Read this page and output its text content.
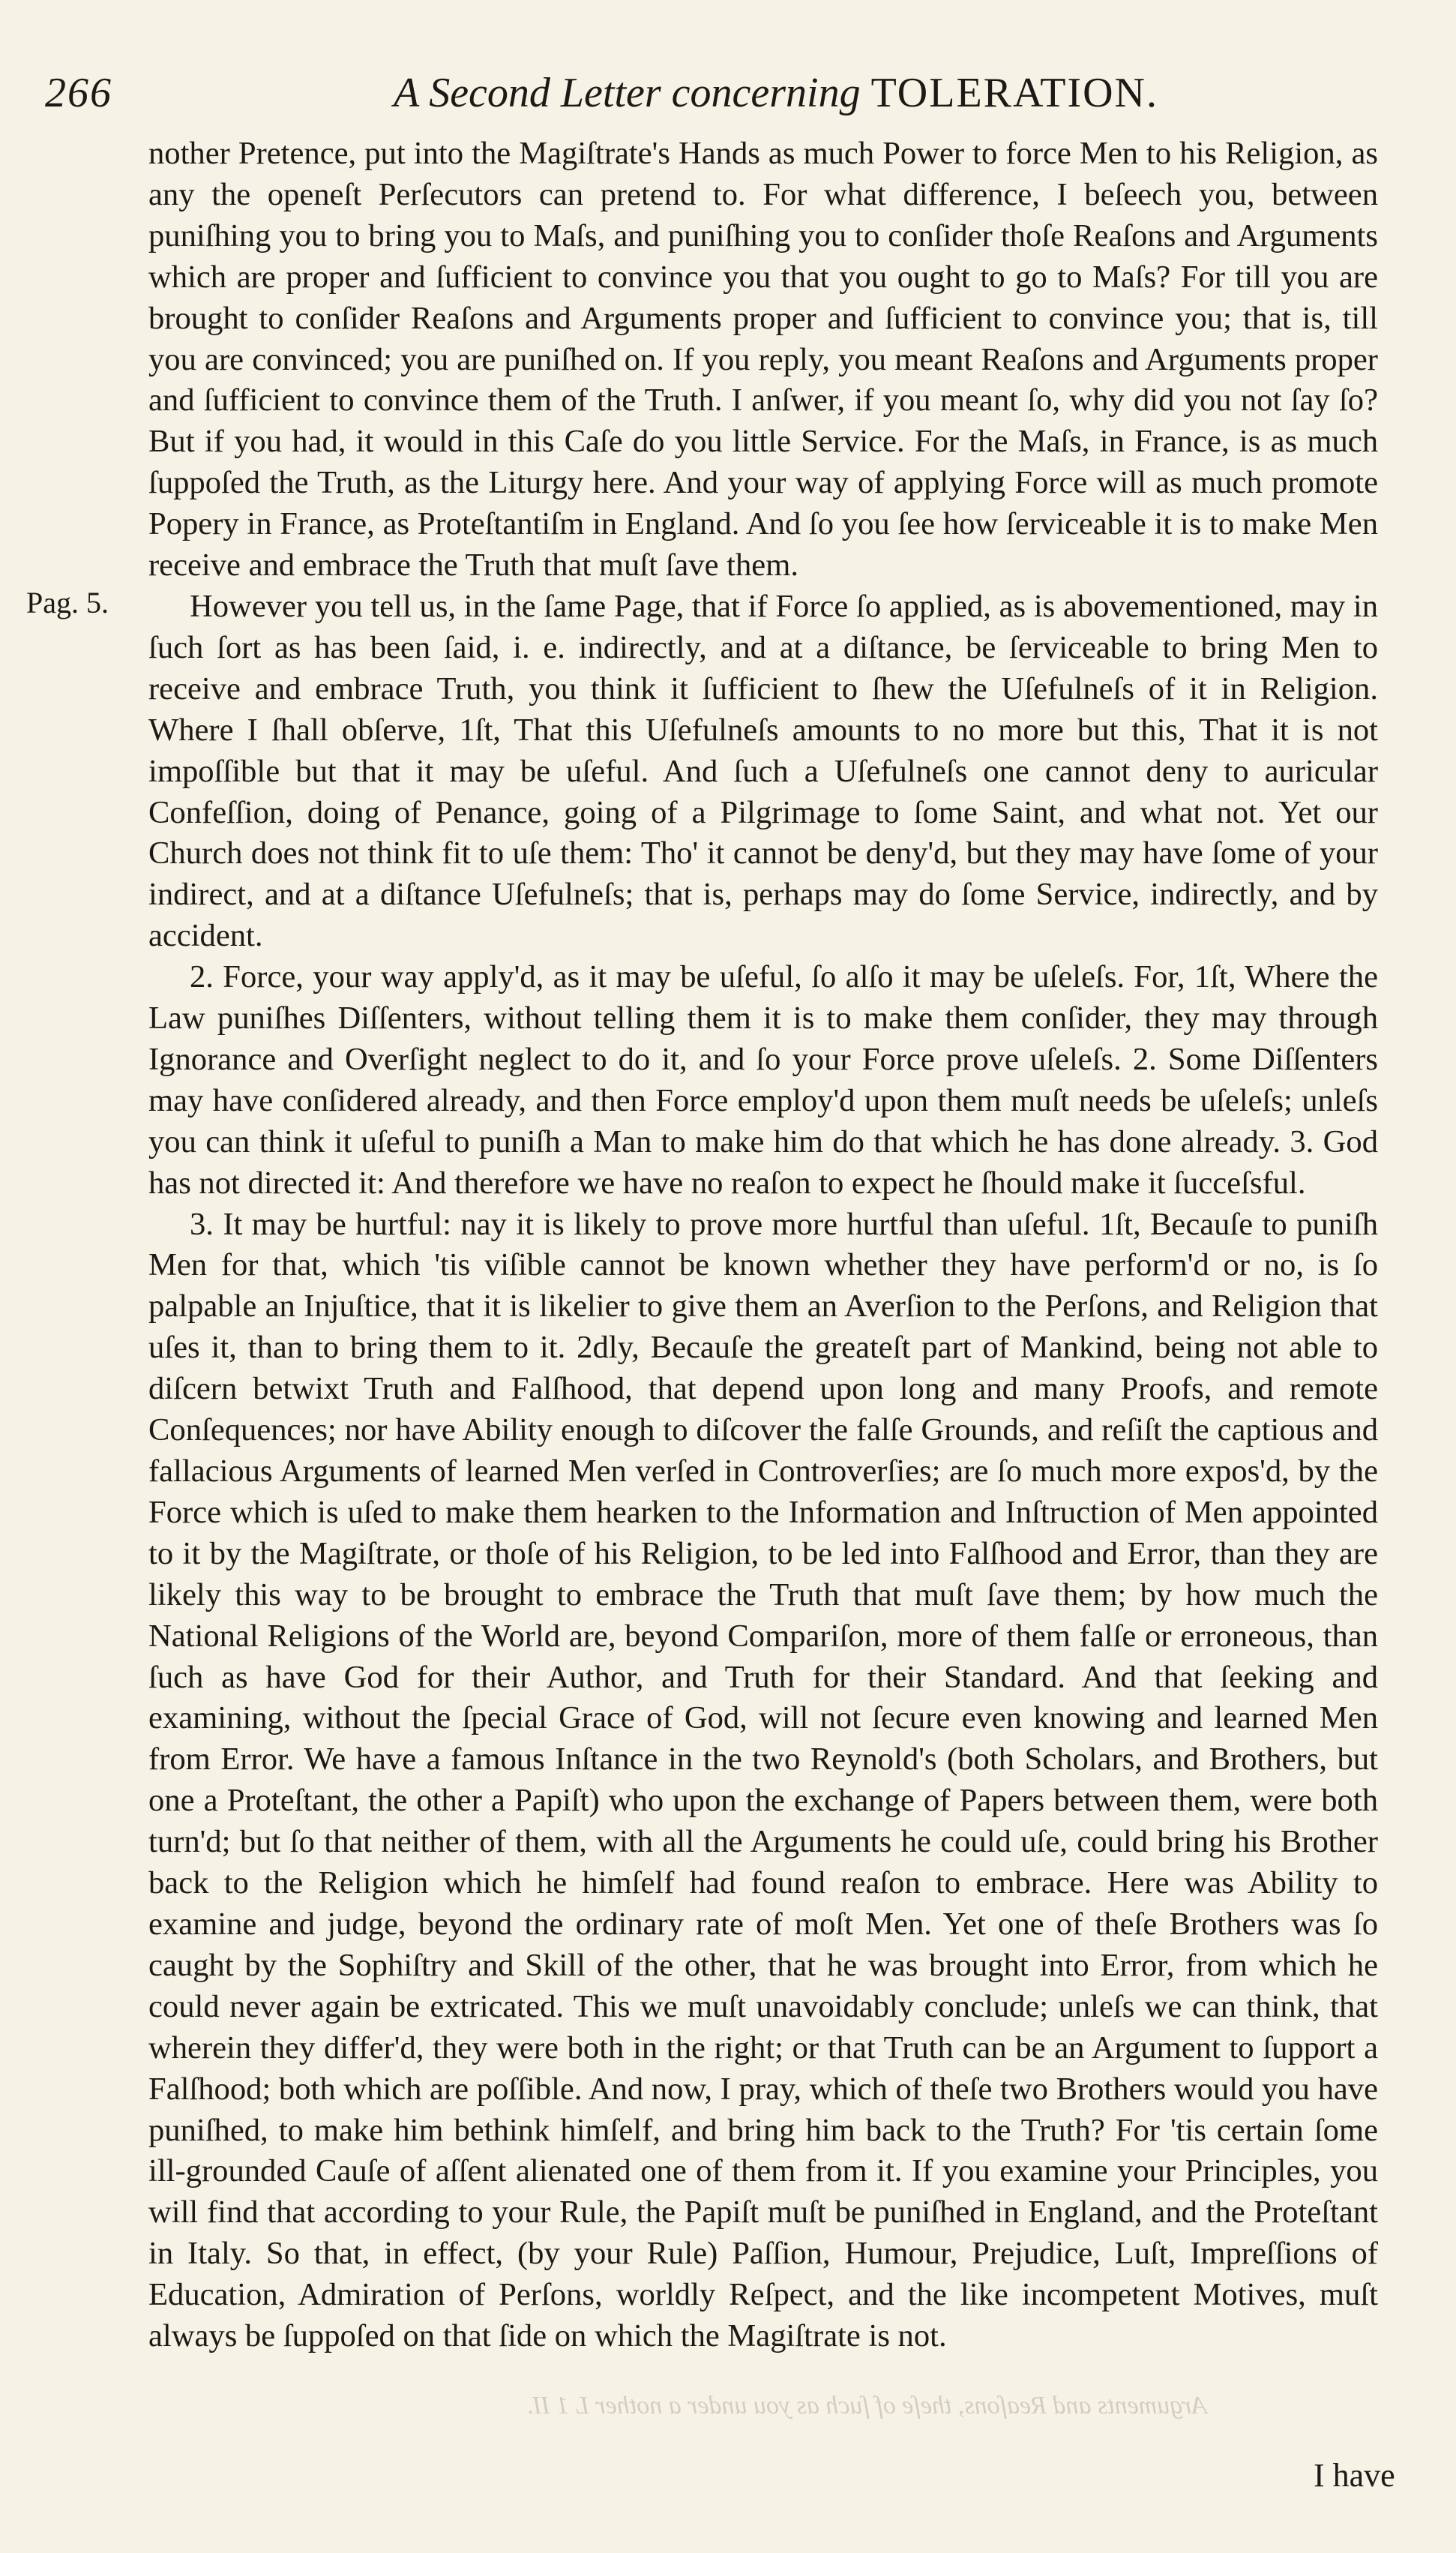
266	A Second Letter concerning TOLERATION.
Pag. 5.

nother Pretence, put into the Magiſtrate's Hands as much Power to force Men to his Religion, as any the openeſt Perſecutors can pretend to. For what difference, I beſeech you, between puniſhing you to bring you to Maſs, and puniſhing you to conſider thoſe Reaſons and Arguments which are proper and ſufficient to convince you that you ought to go to Maſs? For till you are brought to conſider Reaſons and Arguments proper and ſufficient to convince you; that is, till you are convinced; you are puniſhed on. If you reply, you meant Reaſons and Arguments proper and ſufficient to convince them of the Truth. I anſwer, if you meant ſo, why did you not ſay ſo? But if you had, it would in this Caſe do you little Service. For the Maſs, in France, is as much ſuppoſed the Truth, as the Liturgy here. And your way of applying Force will as much promote Popery in France, as Proteſtantiſm in England. And ſo you ſee how ſerviceable it is to make Men receive and embrace the Truth that muſt ſave them.

However you tell us, in the ſame Page, that if Force ſo applied, as is abovementioned, may in ſuch ſort as has been ſaid, i. e. indirectly, and at a diſtance, be ſerviceable to bring Men to receive and embrace Truth, you think it ſufficient to ſhew the Uſefulneſs of it in Religion. Where I ſhall obſerve, 1ſt, That this Uſefulneſs amounts to no more but this, That it is not impoſſible but that it may be uſeful. And ſuch a Uſefulneſs one cannot deny to auricular Confeſſion, doing of Penance, going of a Pilgrimage to ſome Saint, and what not. Yet our Church does not think fit to uſe them: Tho' it cannot be deny'd, but they may have ſome of your indirect, and at a diſtance Uſefulneſs; that is, perhaps may do ſome Service, indirectly, and by accident.

2. Force, your way apply'd, as it may be uſeful, ſo alſo it may be uſeleſs. For, 1ſt, Where the Law puniſhes Diſſenters, without telling them it is to make them conſider, they may through Ignorance and Overſight neglect to do it, and ſo your Force prove uſeleſs. 2. Some Diſſenters may have conſidered already, and then Force employ'd upon them muſt needs be uſeleſs; unleſs you can think it uſeful to puniſh a Man to make him do that which he has done already. 3. God has not directed it: And therefore we have no reaſon to expect he ſhould make it ſucceſsful.

3. It may be hurtful: nay it is likely to prove more hurtful than uſeful. 1ſt, Becauſe to puniſh Men for that, which 'tis viſible cannot be known whether they have perform'd or no, is ſo palpable an Injuſtice, that it is likelier to give them an Averſion to the Perſons, and Religion that uſes it, than to bring them to it. 2dly, Becauſe the greateſt part of Mankind, being not able to diſcern betwixt Truth and Falſhood, that depend upon long and many Proofs, and remote Conſequences; nor have Ability enough to diſcover the falſe Grounds, and reſiſt the captious and fallacious Arguments of learned Men verſed in Controverſies; are ſo much more expos'd, by the Force which is uſed to make them hearken to the Information and Inſtruction of Men appointed to it by the Magiſtrate, or thoſe of his Religion, to be led into Falſhood and Error, than they are likely this way to be brought to embrace the Truth that muſt ſave them; by how much the National Religions of the World are, beyond Compariſon, more of them falſe or erroneous, than ſuch as have God for their Author, and Truth for their Standard. And that ſeeking and examining, without the ſpecial Grace of God, will not ſecure even knowing and learned Men from Error. We have a famous Inſtance in the two Reynold's (both Scholars, and Brothers, but one a Proteſtant, the other a Papiſt) who upon the exchange of Papers between them, were both turn'd; but ſo that neither of them, with all the Arguments he could uſe, could bring his Brother back to the Religion which he himſelf had found reaſon to embrace. Here was Ability to examine and judge, beyond the ordinary rate of moſt Men. Yet one of theſe Brothers was ſo caught by the Sophiſtry and Skill of the other, that he was brought into Error, from which he could never again be extricated. This we muſt unavoidably conclude; unleſs we can think, that wherein they differ'd, they were both in the right; or that Truth can be an Argument to ſupport a Falſhood; both which are poſſible. And now, I pray, which of theſe two Brothers would you have puniſhed, to make him bethink himſelf, and bring him back to the Truth? For 'tis certain ſome ill-grounded Cauſe of aſſent alienated one of them from it. If you examine your Principles, you will find that according to your Rule, the Papiſt muſt be puniſhed in England, and the Proteſtant in Italy. So that, in effect, (by your Rule) Paſſion, Humour, Prejudice, Luſt, Impreſſions of Education, Admiration of Perſons, worldly Reſpect, and the like incompetent Motives, muſt always be ſuppoſed on that ſide on which the Magiſtrate is not.

Arguments and Reaſons, theſe of ſuch as you under a nother L 1 II.
I have
